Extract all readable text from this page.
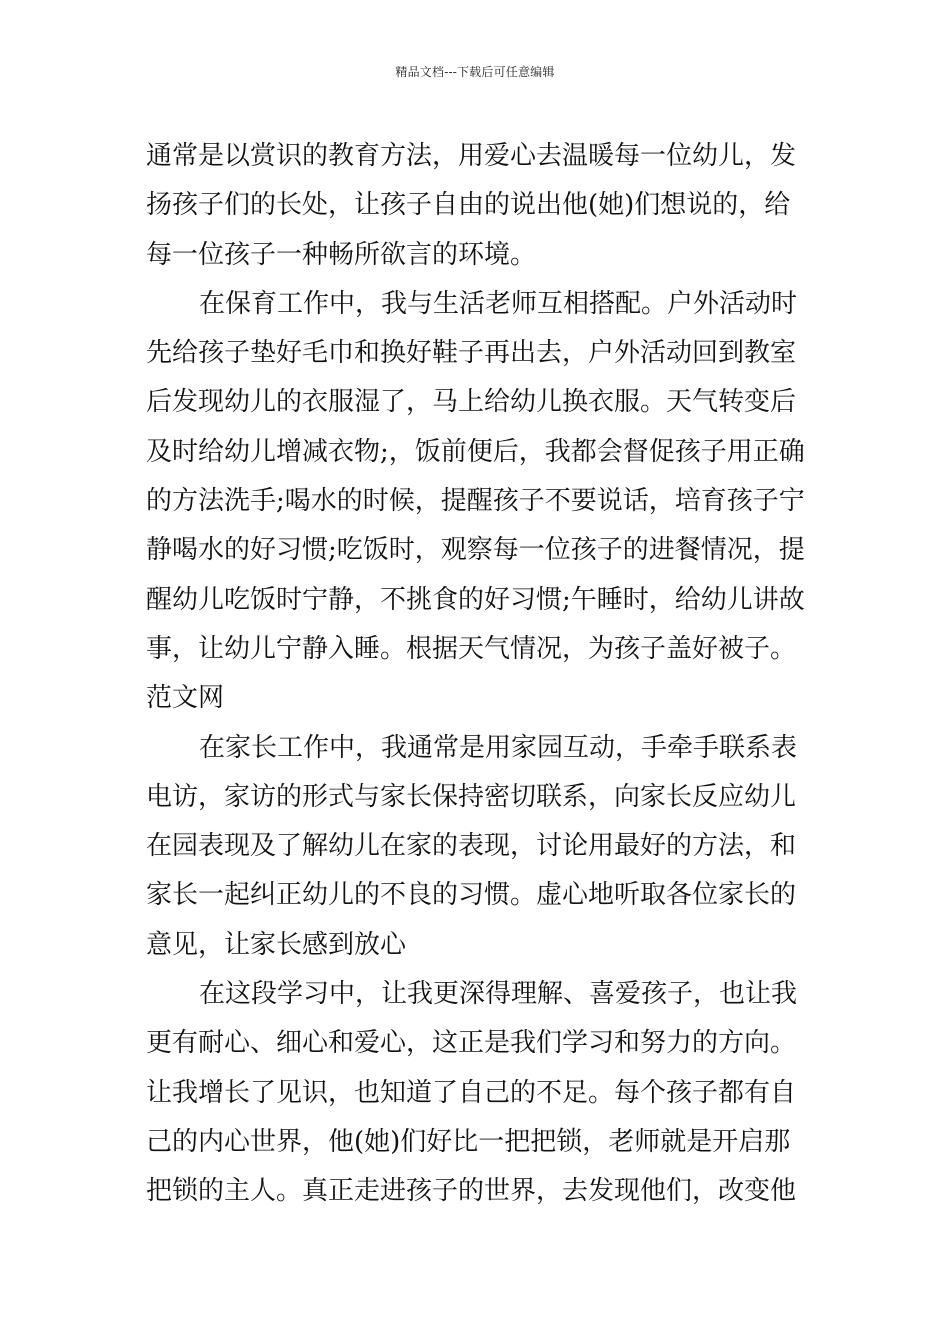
精品文档---下载后可任意编辑
通常是以赏识的教育方法，用爱心去温暖每一位幼儿，发
扬孩子们的长处，让孩子自由的说出他(她)们想说的，给
每一位孩子一种畅所欲言的环境。
在保育工作中，我与生活老师互相搭配。户外活动时
先给孩子垫好毛巾和换好鞋子再出去，户外活动回到教室
后发现幼儿的衣服湿了，马上给幼儿换衣服。天气转变后
及时给幼儿增减衣物;，饭前便后，我都会督促孩子用正确
的方法洗手;喝水的时候，提醒孩子不要说话，培育孩子宁
静喝水的好习惯;吃饭时，观察每一位孩子的进餐情况，提
醒幼儿吃饭时宁静，不挑食的好习惯;午睡时，给幼儿讲故
事，让幼儿宁静入睡。根据天气情况，为孩子盖好被子。
范文网
在家长工作中，我通常是用家园互动，手牵手联系表
电访，家访的形式与家长保持密切联系，向家长反应幼儿
在园表现及了解幼儿在家的表现，讨论用最好的方法，和
家长一起纠正幼儿的不良的习惯。虚心地听取各位家长的
意见，让家长感到放心
在这段学习中，让我更深得理解、喜爱孩子，也让我
更有耐心、细心和爱心，这正是我们学习和努力的方向。
让我增长了见识，也知道了自己的不足。每个孩子都有自
己的内心世界，他(她)们好比一把把锁，老师就是开启那
把锁的主人。真正走进孩子的世界，去发现他们，改变他
